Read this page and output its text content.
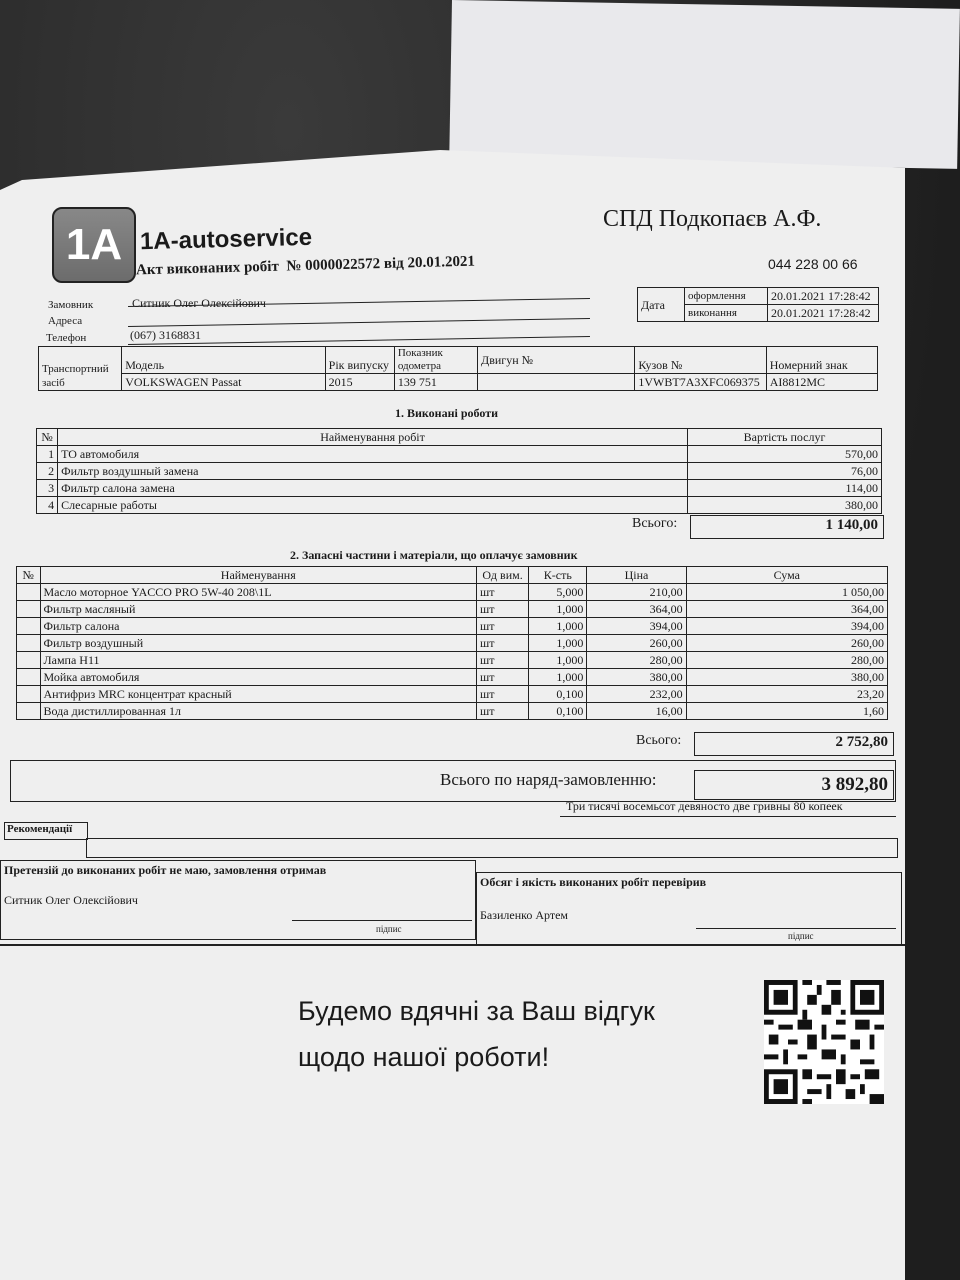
1A 1A-autoservice
Акт виконаних робіт № 0000022572 від 20.01.2021
СПД Подкопаєв А.Ф.
044 228 00 66
Замовник	Ситник Олег Олексійович
Адреса
Телефон	(067) 3168831
Дата	оформлення	20.01.2021 17:28:42
	виконання	20.01.2021 17:28:42
Транспортний засіб	Модель	Рік випуску	Показник одометра	Двигун №	Кузов №	Номерний знак
	VOLKSWAGEN Passat	2015	139 751		1VWBT7A3XFC069375	AI8812MC
1. Виконані роботи
№	Найменування робіт	Вартість послуг
1	ТО автомобиля	570,00
2	Фильтр воздушный замена	76,00
3	Фильтр салона замена	114,00
4	Слесарные работы	380,00
Всього:	1 140,00
2. Запасні частини і матеріали, що оплачує замовник
№	Найменування	Од вим.	К-сть	Ціна	Сума
	Масло моторное YACCO PRO 5W-40 208\1L	шт	5,000	210,00	1 050,00
	Фильтр масляный	шт	1,000	364,00	364,00
	Фильтр салона	шт	1,000	394,00	394,00
	Фильтр воздушный	шт	1,000	260,00	260,00
	Лампа H11	шт	1,000	280,00	280,00
	Мойка автомобиля	шт	1,000	380,00	380,00
	Антифриз MRC концентрат красный	шт	0,100	232,00	23,20
	Вода дистиллированная 1л	шт	0,100	16,00	1,60
Всього:	2 752,80
Всього по наряд-замовленню:	3 892,80
Три тисячі восемьсот девяносто две гривны 80 копеек
Рекомендації
Претензій до виконаних робіт не маю, замовлення отримав
Ситник Олег Олексійович
підпис
Обсяг і якість виконаних робіт перевірив
Базиленко Артем
підпис
Будемо вдячні за Ваш відгук
щодо нашої роботи!
